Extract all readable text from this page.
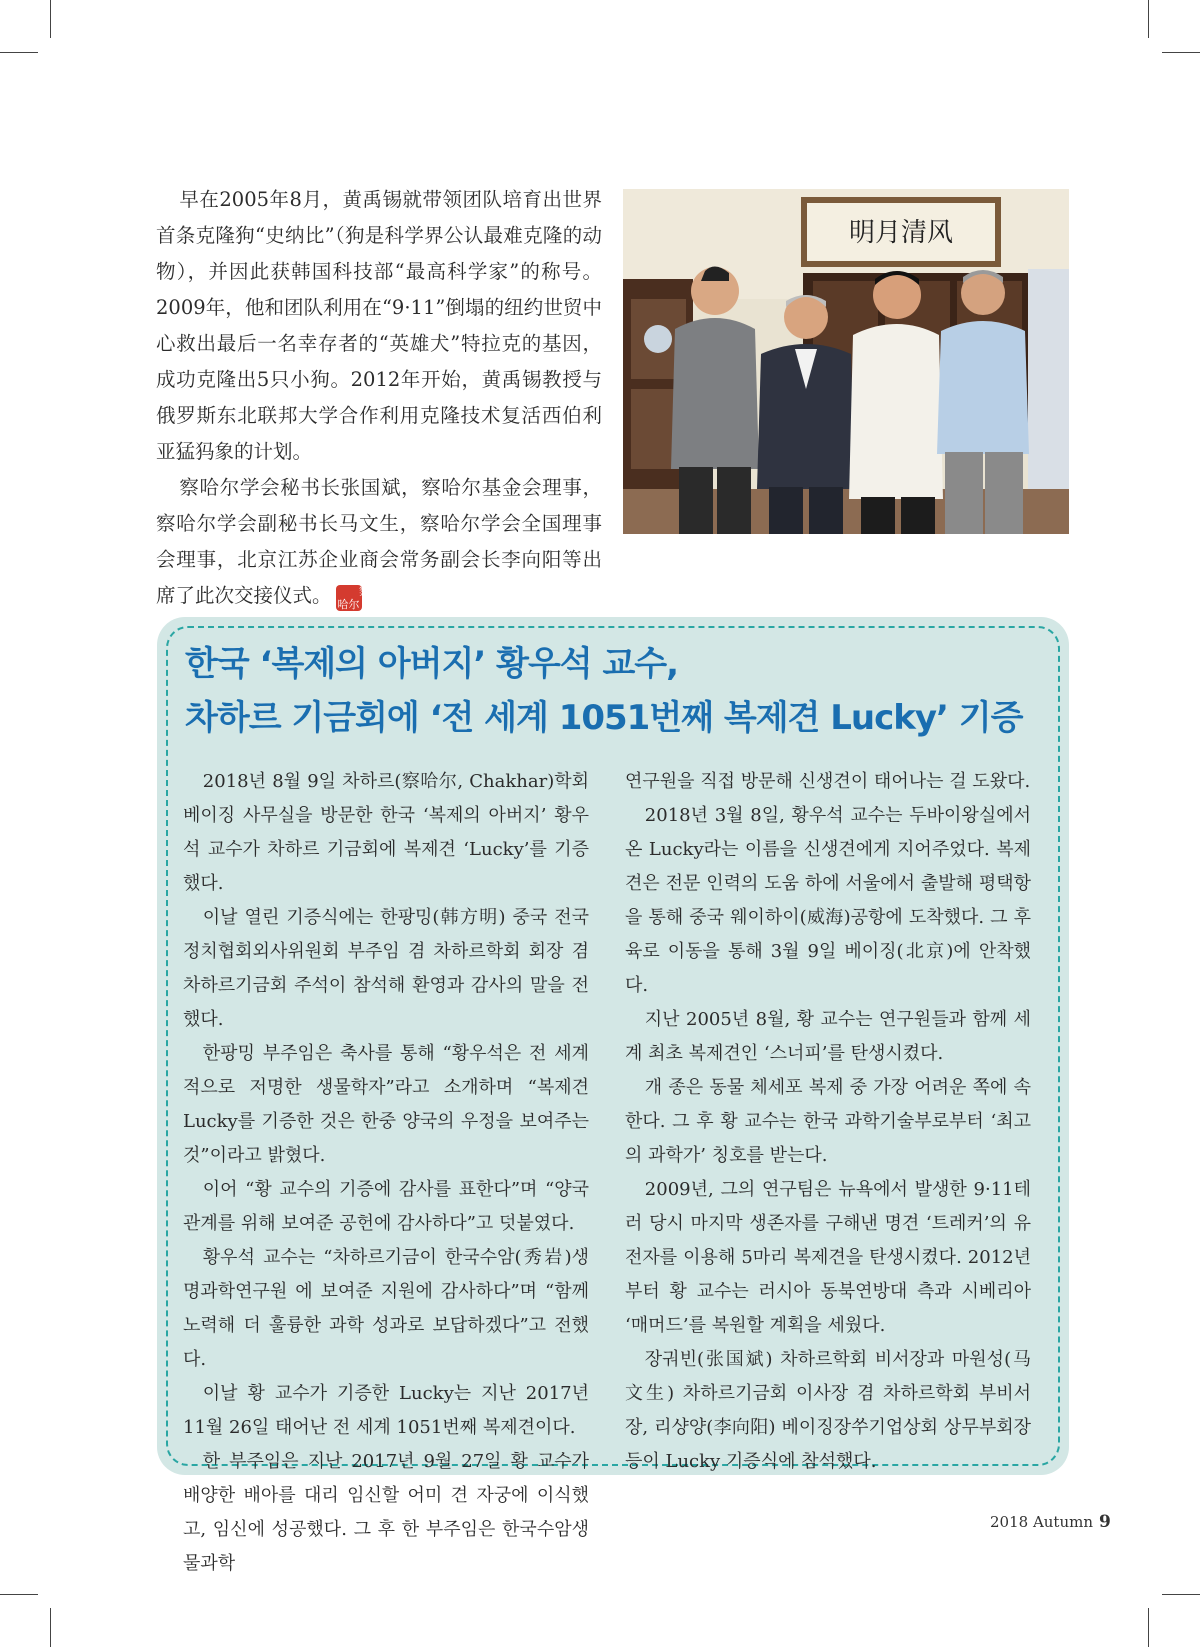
早在2005年8月，黄禹锡就带领团队培育出世界首条克隆狗“史纳比”（狗是科学界公认最难克隆的动物），并因此获韩国科技部“最高科学家”的称号。2009年，他和团队利用在“9·11”倒塌的纽约世贸中心救出最后一名幸存者的“英雄犬”特拉克的基因，成功克隆出5只小狗。2012年开始，黄禹锡教授与俄罗斯东北联邦大学合作利用克隆技术复活西伯利亚猛犸象的计划。

察哈尔学会秘书长张国斌，察哈尔基金会理事，察哈尔学会副秘书长马文生，察哈尔学会全国理事会理事，北京江苏企业商会常务副会长李向阳等出席了此次交接仪式。 察哈尔

明月清风
한국 ‘복제의 아버지’ 황우석 교수,
차하르 기금회에 ‘전 세계 1051번째 복제견 Lucky’ 기증

2018년 8월 9일 차하르(察哈尔, Chakhar)학회 베이징 사무실을 방문한 한국 ‘복제의 아버지’ 황우석 교수가 차하르 기금회에 복제견 ‘Lucky’를 기증했다.

이날 열린 기증식에는 한팡밍(韩方明) 중국 전국정치협회외사위원회 부주임 겸 차하르학회 회장 겸 차하르기금회 주석이 참석해 환영과 감사의 말을 전했다.

한팡밍 부주임은 축사를 통해 “황우석은 전 세계적으로 저명한 생물학자”라고 소개하며 “복제견 Lucky를 기증한 것은 한중 양국의 우정을 보여주는 것”이라고 밝혔다.

이어 “황 교수의 기증에 감사를 표한다”며 “양국 관계를 위해 보여준 공헌에 감사하다”고 덧붙였다.

황우석 교수는 “차하르기금이 한국수암(秀岩)생명과학연구원 에 보여준 지원에 감사하다”며 “함께 노력해 더 훌륭한 과학 성과로 보답하겠다”고 전했다.

이날 황 교수가 기증한 Lucky는 지난 2017년 11월 26일 태어난 전 세계 1051번째 복제견이다.

한 부주임은 지난 2017년 9월 27일 황 교수가 배양한 배아를 대리 임신할 어미 견 자궁에 이식했고, 임신에 성공했다. 그 후 한 부주임은 한국수암생물과학

연구원을 직접 방문해 신생견이 태어나는 걸 도왔다.

2018년 3월 8일, 황우석 교수는 두바이왕실에서 온 Lucky라는 이름을 신생견에게 지어주었다. 복제견은 전문 인력의 도움 하에 서울에서 출발해 평택항을 통해 중국 웨이하이(威海)공항에 도착했다. 그 후 육로 이동을 통해 3월 9일 베이징(北京)에 안착했다.

지난 2005년 8월, 황 교수는 연구원들과 함께 세계 최초 복제견인 ‘스너피’를 탄생시켰다.

개 종은 동물 체세포 복제 중 가장 어려운 쪽에 속한다. 그 후 황 교수는 한국 과학기술부로부터 ‘최고의 과학가’ 칭호를 받는다.

2009년, 그의 연구팀은 뉴욕에서 발생한 9·11테러 당시 마지막 생존자를 구해낸 명견 ‘트레커’의 유전자를 이용해 5마리 복제견을 탄생시켰다. 2012년부터 황 교수는 러시아 동북연방대 측과 시베리아 ‘매머드’를 복원할 계획을 세웠다.

장궈빈(张国斌) 차하르학회 비서장과 마원성(马文生) 차하르기금회 이사장 겸 차하르학회 부비서장, 리샹양(李向阳) 베이징장쑤기업상회 상무부회장 등이 Lucky 기증식에 참석했다.

2018 Autumn 9
